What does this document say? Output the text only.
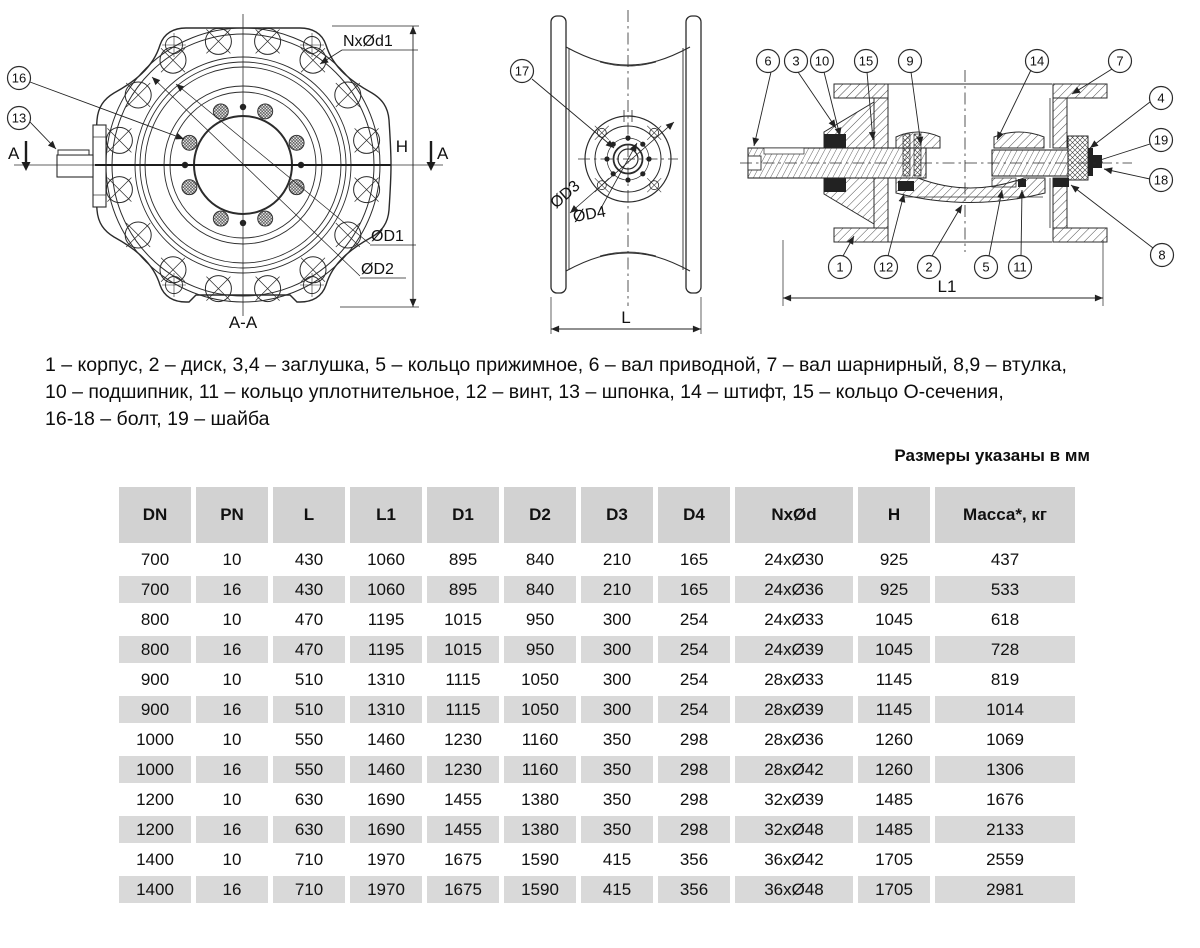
H
NxØd1
ØD1
ØD2
A-A
A	A
16
13
ØD3
ØD4
17
L
L1
6 3 10 15	9	14	7
4
19
18
8
1	12 2	5 11
1 – корпус, 2 – диск, 3,4 – заглушка, 5 – кольцо прижимное, 6 – вал приводной, 7 – вал шарнирный, 8,9 – втулка,
10 – подшипник, 11 – кольцо уплотнительное, 12 – винт, 13 – шпонка, 14 – штифт, 15 – кольцо О-сечения,
16-18 – болт, 19 – шайба
Размеры указаны в мм
DN	PN	L	L1	D1	D2	D3	D4	NxØd	H	Масса*, кг
700	10	430	1060	895	840	210	165	24xØ30	925	437
700	16	430	1060	895	840	210	165	24xØ36	925	533
800	10	470	1195	1015	950	300	254	24xØ33	1045	618
800	16	470	1195	1015	950	300	254	24xØ39	1045	728
900	10	510	1310	1115	1050	300	254	28xØ33	1145	819
900	16	510	1310	1115	1050	300	254	28xØ39	1145	1014
1000	10	550	1460	1230	1160	350	298	28xØ36	1260	1069
1000	16	550	1460	1230	1160	350	298	28xØ42	1260	1306
1200	10	630	1690	1455	1380	350	298	32xØ39	1485	1676
1200	16	630	1690	1455	1380	350	298	32xØ48	1485	2133
1400	10	710	1970	1675	1590	415	356	36xØ42	1705	2559
1400	16	710	1970	1675	1590	415	356	36xØ48	1705	2981
